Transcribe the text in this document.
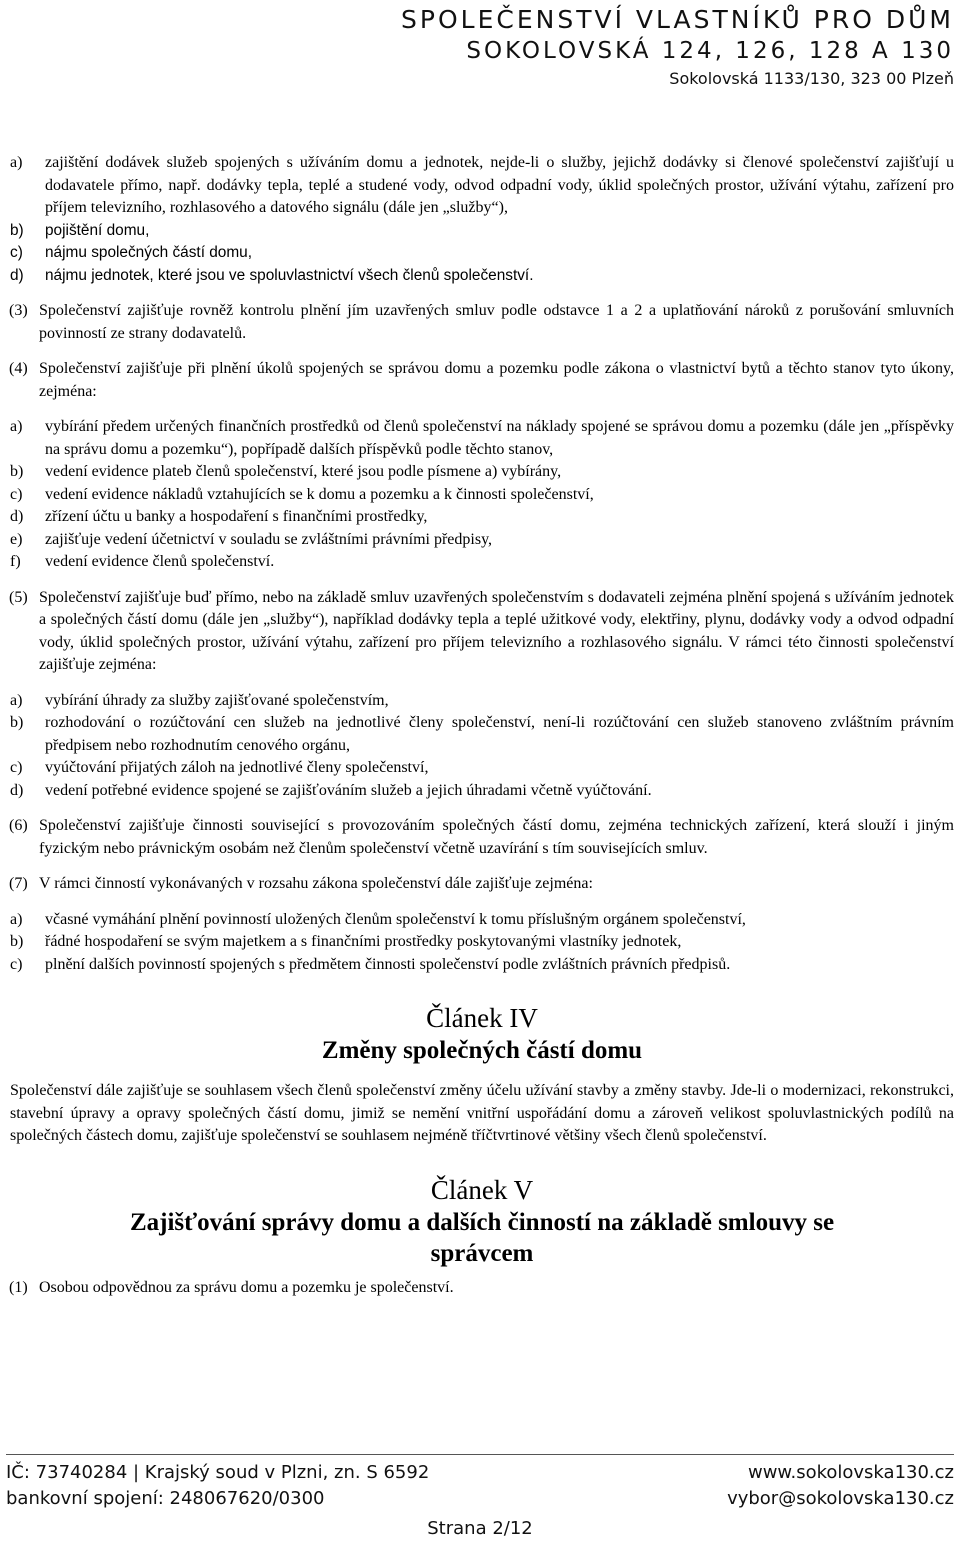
SPOLEČENSTVÍ VLASTNÍKŮ PRO DŮM
SOKOLOVSKÁ 124, 126, 128 A 130
Sokolovská 1133/130, 323 00 Plzeň
a) zajištění dodávek služeb spojených s užíváním domu a jednotek, nejde-li o služby, jejichž dodávky si členové společenství zajišťují u dodavatele přímo, např. dodávky tepla, teplé a studené vody, odvod odpadní vody, úklid společných prostor, užívání výtahu, zařízení pro příjem televizního, rozhlasového a datového signálu (dále jen „služby“),
b) pojištění domu,
c) nájmu společných částí domu,
d) nájmu jednotek, které jsou ve spoluvlastnictví všech členů společenství.
(3) Společenství zajišťuje rovněž kontrolu plnění jím uzavřených smluv podle odstavce 1 a 2 a uplatňování nároků z porušování smluvních povinností ze strany dodavatelů.
(4) Společenství zajišťuje při plnění úkolů spojených se správou domu a pozemku podle zákona o vlastnictví bytů a těchto stanov tyto úkony, zejména:
a) vybírání předem určených finančních prostředků od členů společenství na náklady spojené se správou domu a pozemku (dále jen „příspěvky na správu domu a pozemku“), popřípadě dalších příspěvků podle těchto stanov,
b) vedení evidence plateb členů společenství, které jsou podle písmene a) vybírány,
c) vedení evidence nákladů vztahujících se k domu a pozemku a k činnosti společenství,
d) zřízení účtu u banky a hospodaření s finančními prostředky,
e) zajišťuje vedení účetnictví v souladu se zvláštními právními předpisy,
f) vedení evidence členů společenství.
(5) Společenství zajišťuje buď přímo, nebo na základě smluv uzavřených společenstvím s dodavateli zejména plnění spojená s užíváním jednotek a společných částí domu (dále jen „služby“), například dodávky tepla a teplé užitkové vody, elektřiny, plynu, dodávky vody a odvod odpadní vody, úklid společných prostor, užívání výtahu, zařízení pro příjem televizního a rozhlasového signálu. V rámci této činnosti společenství zajišťuje zejména:
a) vybírání úhrady za služby zajišťované společenstvím,
b) rozhodování o rozúčtování cen služeb na jednotlivé členy společenství, není-li rozúčtování cen služeb stanoveno zvláštním právním předpisem nebo rozhodnutím cenového orgánu,
c) vyúčtování přijatých záloh na jednotlivé členy společenství,
d) vedení potřebné evidence spojené se zajišťováním služeb a jejich úhradami včetně vyúčtování.
(6) Společenství zajišťuje činnosti související s provozováním společných částí domu, zejména technických zařízení, která slouží i jiným fyzickým nebo právnickým osobám než členům společenství včetně uzavírání s tím souvisejících smluv.
(7) V rámci činností vykonávaných v rozsahu zákona společenství dále zajišťuje zejména:
a) včasné vymáhání plnění povinností uložených členům společenství k tomu příslušným orgánem společenství,
b) řádné hospodaření se svým majetkem a s finančními prostředky poskytovanými vlastníky jednotek,
c) plnění dalších povinností spojených s předmětem činnosti společenství podle zvláštních právních předpisů.
Článek IV
Změny společných částí domu
Společenství dále zajišťuje se souhlasem všech členů společenství změny účelu užívání stavby a změny stavby. Jde-li o modernizaci, rekonstrukci, stavební úpravy a opravy společných částí domu, jimiž se nemění vnitřní uspořádání domu a zároveň velikost spoluvlastnických podílů na společných částech domu, zajišťuje společenství se souhlasem nejméně tříčtvrtinové většiny všech členů společenství.
Článek V
Zajišťování správy domu a dalších činností na základě smlouvy se správcem
(1) Osobou odpovědnou za správu domu a pozemku je společenství.
IČ: 73740284 | Krajský soud v Plzni, zn. S 6592	www.sokolovska130.cz
bankovní spojení: 248067620/0300	vybor@sokolovska130.cz
Strana 2/12
